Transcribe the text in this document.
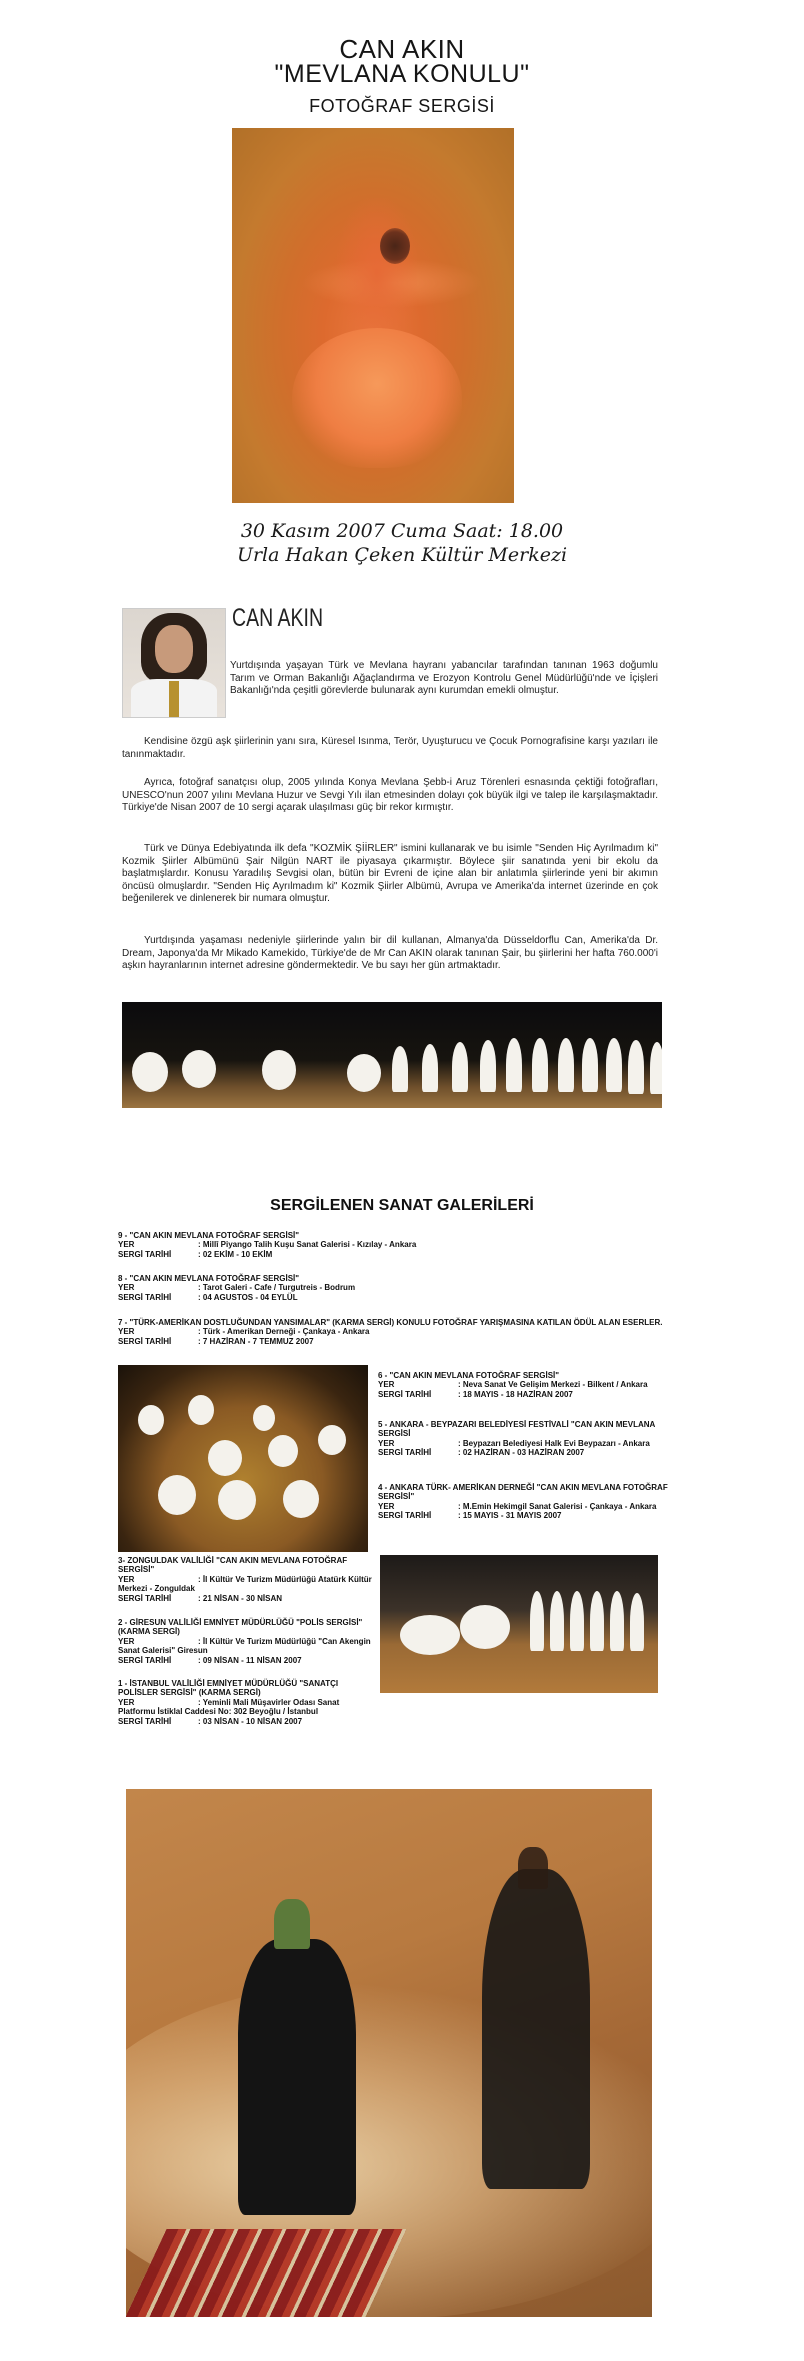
CAN AKIN
"MEVLANA KONULU"
FOTOĞRAF SERGİSİ
30 Kasım 2007 Cuma Saat: 18.00
Urla Hakan Çeken Kültür Merkezi
CAN AKIN
Yurtdışında yaşayan Türk ve Mevlana hayranı yabancılar tarafından tanınan 1963 doğumlu Tarım ve Orman Bakanlığı Ağaçlandırma ve Erozyon Kontrolu Genel Müdürlüğü'nde ve İçişleri Bakanlığı'nda çeşitli görevlerde bulunarak aynı kurumdan emekli olmuştur.
Kendisine özgü aşk şiirlerinin yanı sıra, Küresel Isınma, Terör, Uyuşturucu ve Çocuk Pornografisine karşı yazıları ile tanınmaktadır.
Ayrıca, fotoğraf sanatçısı olup, 2005 yılında Konya Mevlana Şebb-i Aruz Törenleri esnasında çektiği fotoğrafları, UNESCO'nun 2007 yılını Mevlana Huzur ve Sevgi Yılı ilan etmesinden dolayı çok büyük ilgi ve talep ile karşılaşmaktadır. Türkiye'de Nisan 2007 de 10 sergi açarak ulaşılması güç bir rekor kırmıştır.
Türk ve Dünya Edebiyatında ilk defa "KOZMİK ŞİİRLER" ismini kullanarak ve bu isimle "Senden Hiç Ayrılmadım ki" Kozmik Şiirler Albümünü Şair Nilgün NART ile piyasaya çıkarmıştır. Böylece şiir sanatında yeni bir ekolu da başlatmışlardır. Konusu Yaradılış Sevgisi olan, bütün bir Evreni de içine alan bir anlatımla şiirlerinde yeni bir akımın öncüsü olmuşlardır. "Senden Hiç Ayrılmadım ki" Kozmik Şiirler Albümü, Avrupa ve Amerika'da internet üzerinde en çok beğenilerek ve dinlenerek bir numara olmuştur.
Yurtdışında yaşaması nedeniyle şiirlerinde yalın bir dil kullanan, Almanya'da Düsseldorflu Can, Amerika'da Dr. Dream, Japonya'da Mr Mikado Kamekido, Türkiye'de de Mr Can AKIN olarak tanınan Şair, bu şiirlerini her hafta 760.000'i aşkın hayranlarının internet adresine göndermektedir. Ve bu sayı her gün artmaktadır.
SERGİLENEN SANAT GALERİLERİ
9 - "CAN AKIN MEVLANA FOTOĞRAF SERGİSİ"
YER	: Millî Piyango Talih Kuşu Sanat Galerisi - Kızılay - Ankara
SERGİ TARİHİ	: 02 EKİM - 10 EKİM
8 - "CAN AKIN MEVLANA FOTOĞRAF SERGİSİ"
YER	: Tarot Galeri - Cafe / Turgutreis - Bodrum
SERGİ TARİHİ	: 04 AGUSTOS - 04 EYLÜL
7 - "TÜRK-AMERİKAN DOSTLUĞUNDAN YANSIMALAR" (KARMA SERGİ) KONULU FOTOĞRAF YARIŞMASINA KATILAN ÖDÜL ALAN ESERLER.
YER	: Türk - Amerikan Derneği - Çankaya - Ankara
SERGİ TARİHİ	: 7 HAZİRAN - 7 TEMMUZ 2007
6 - "CAN AKIN MEVLANA FOTOĞRAF SERGİSİ"
YER	: Neva Sanat Ve Gelişim Merkezi - Bilkent / Ankara
SERGİ TARİHİ	: 18 MAYIS - 18 HAZİRAN 2007
5 - ANKARA - BEYPAZARI BELEDİYESİ FESTİVALİ "CAN AKIN MEVLANA SERGİSİ
YER	: Beypazarı Belediyesi Halk Evi Beypazarı - Ankara
SERGİ TARİHİ	: 02 HAZİRAN - 03 HAZİRAN 2007
4 - ANKARA TÜRK- AMERİKAN DERNEĞİ "CAN AKIN MEVLANA FOTOĞRAF SERGİSİ"
YER	: M.Emin Hekimgil Sanat Galerisi - Çankaya - Ankara
SERGİ TARİHİ	: 15 MAYIS - 31 MAYIS 2007
3- ZONGULDAK VALİLİĞİ "CAN AKIN MEVLANA FOTOĞRAF SERGİSİ"
YER	: İl Kültür Ve Turizm Müdürlüğü Atatürk Kültür Merkezi - Zonguldak
SERGİ TARİHİ	: 21 NİSAN - 30 NİSAN
2 - GİRESUN VALİLİĞİ EMNİYET MÜDÜRLÜĞÜ "POLİS SERGİSİ" (KARMA SERGİ)
YER	: İl Kültür Ve Turizm Müdürlüğü "Can Akengin Sanat Galerisi" Giresun
SERGİ TARİHİ	: 09 NİSAN - 11 NİSAN 2007
1 - İSTANBUL VALİLİĞİ EMNİYET MÜDÜRLÜĞÜ "SANATÇI POLİSLER SERGİSİ" (KARMA SERGİ)
YER	: Yeminli Mali Müşavirler Odası Sanat Platformu İstiklal Caddesi No: 302 Beyoğlu / İstanbul
SERGİ TARİHİ	: 03 NİSAN - 10 NİSAN 2007
